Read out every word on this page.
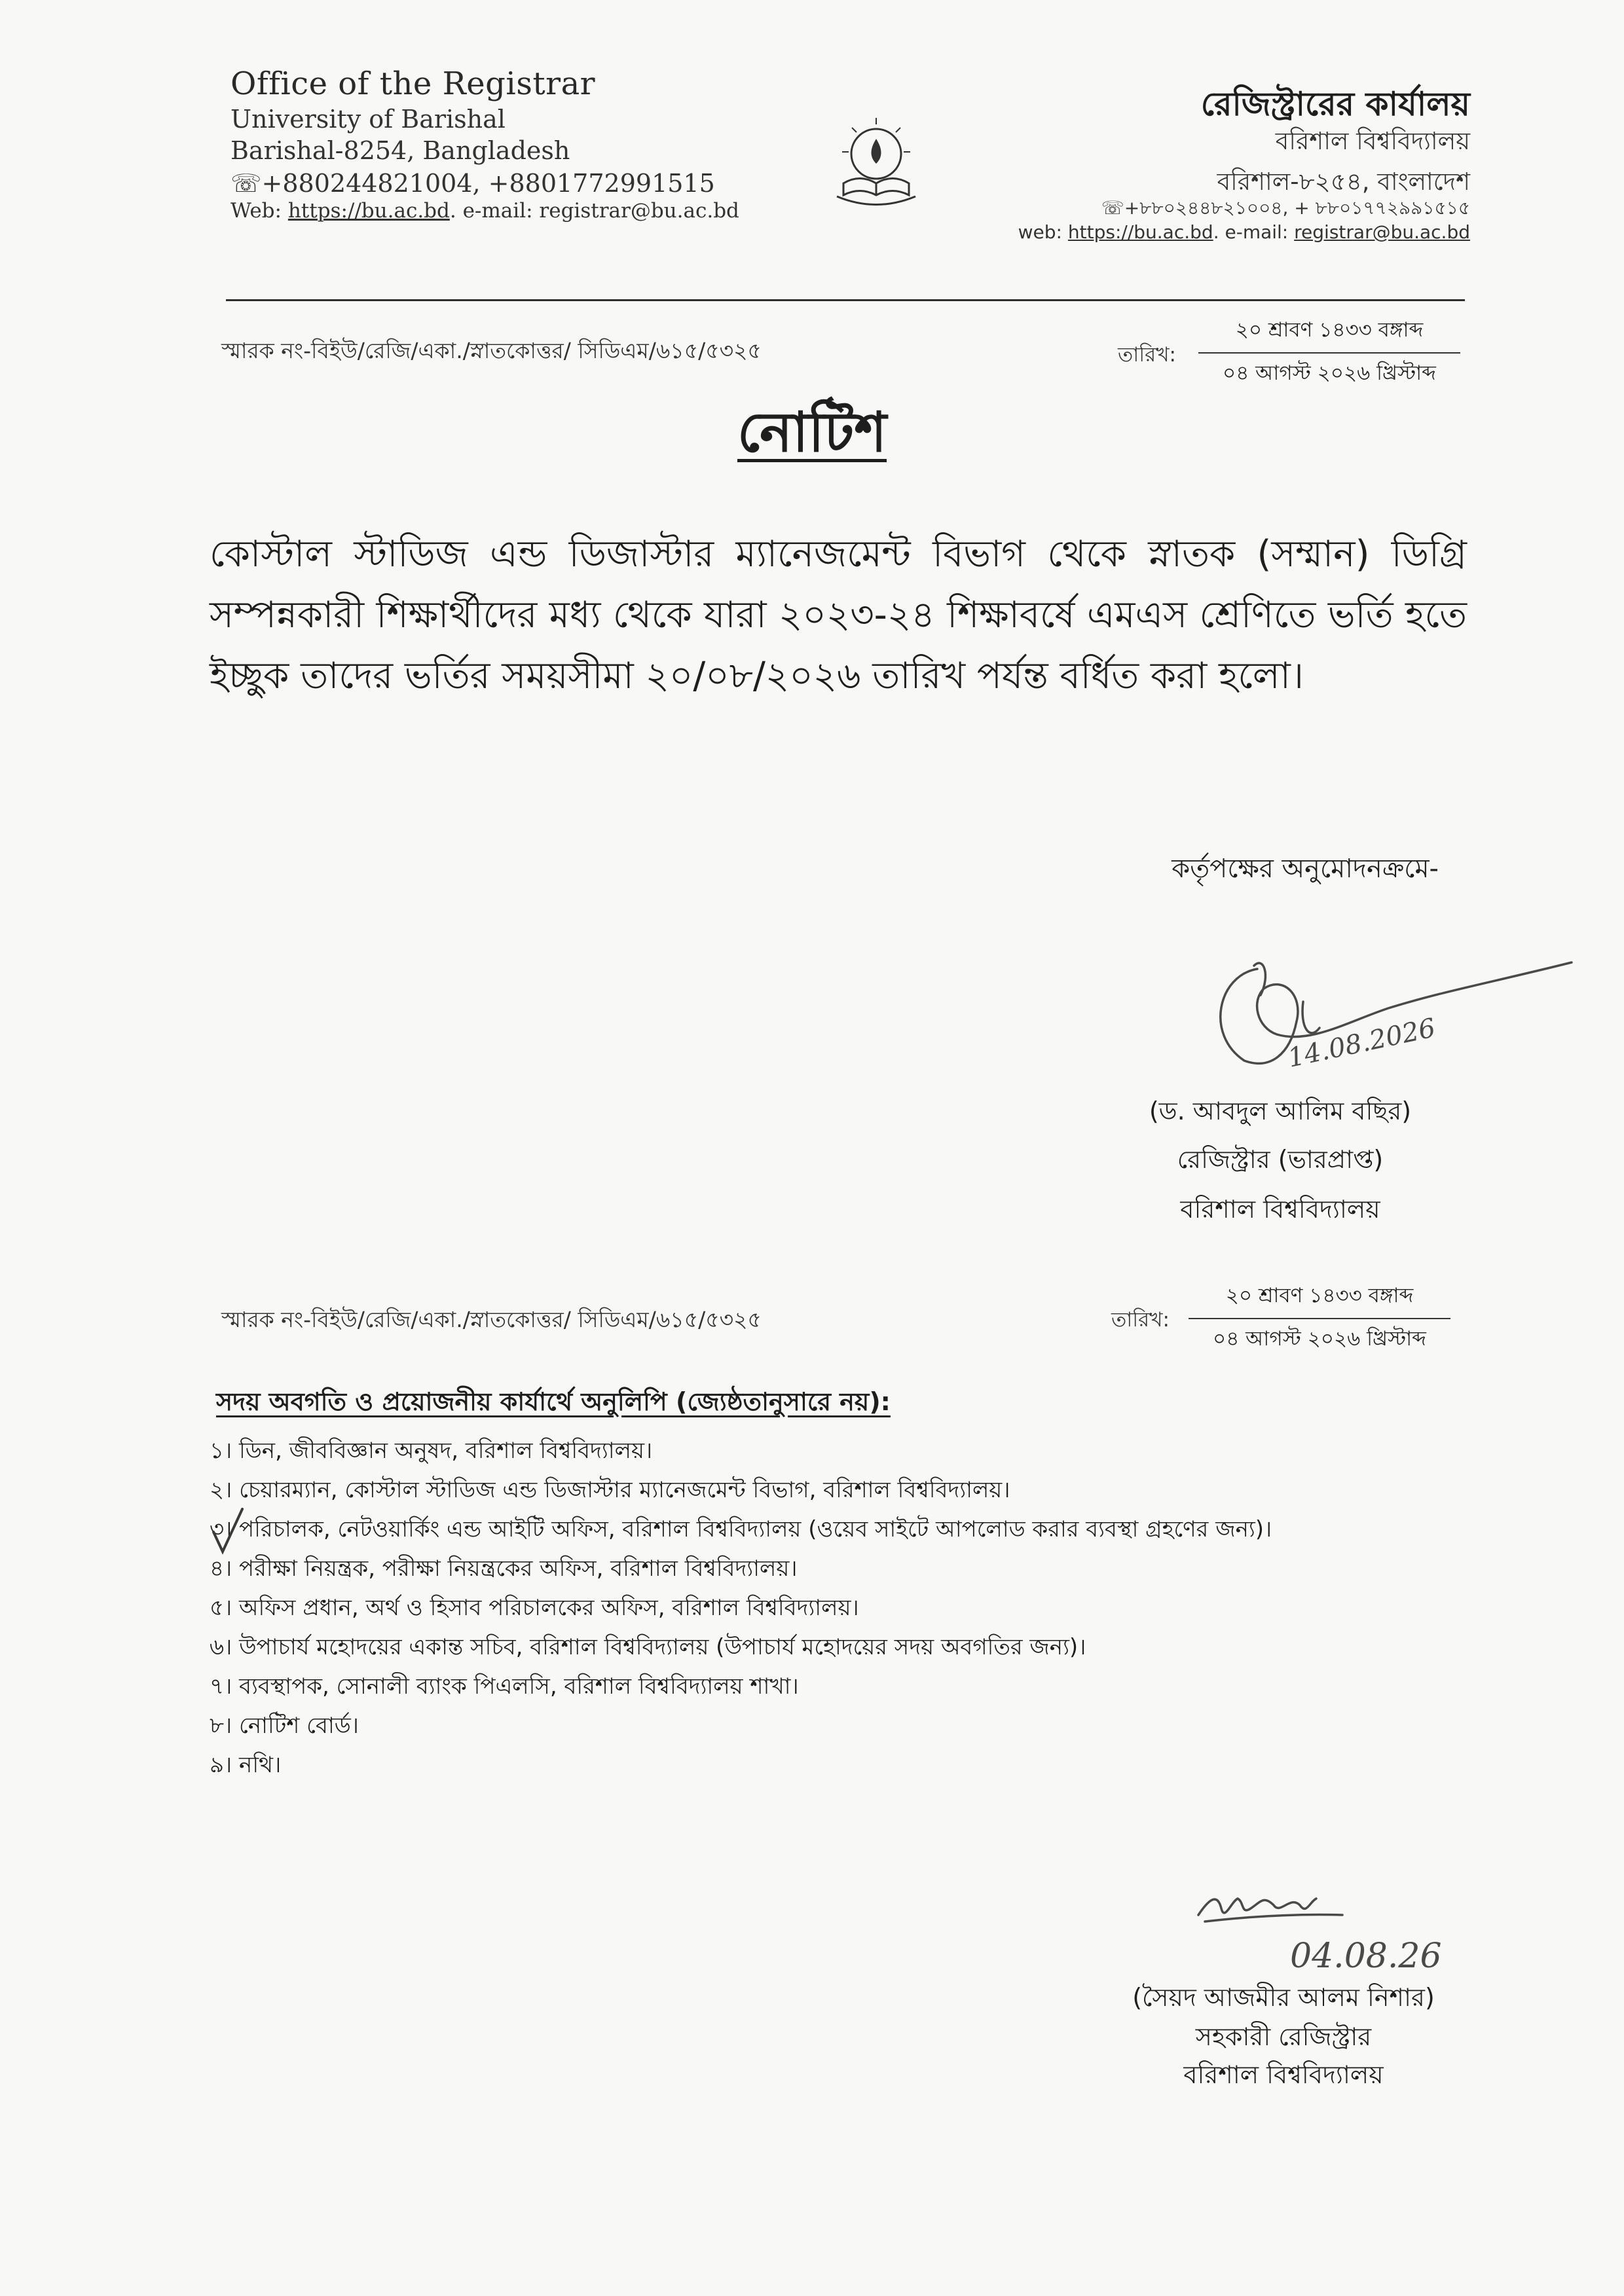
Office of the Registrar
University of Barishal
Barishal-8254, Bangladesh
☏+880244821004, +8801772991515
Web: https://bu.ac.bd. e-mail: registrar@bu.ac.bd
রেজিস্ট্রারের কার্যালয়
বরিশাল বিশ্ববিদ্যালয়
বরিশাল-৮২৫৪, বাংলাদেশ
☏+৮৮০২৪৪৮২১০০৪, + ৮৮০১৭৭২৯৯১৫১৫
web: https://bu.ac.bd. e-mail: registrar@bu.ac.bd
স্মারক নং-বিইউ/রেজি/একা./স্নাতকোত্তর/ সিডিএম/৬১৫/৫৩২৫	তারিখ:
২০ শ্রাবণ ১৪৩৩ বঙ্গাব্দ
০৪ আগস্ট ২০২৬ খ্রিস্টাব্দ
নোটিশ
কোস্টাল স্টাডিজ এন্ড ডিজাস্টার ম্যানেজমেন্ট বিভাগ থেকে স্নাতক (সম্মান) ডিগ্রি সম্পন্নকারী শিক্ষার্থীদের মধ্য থেকে যারা ২০২৩-২৪ শিক্ষাবর্ষে এমএস শ্রেণিতে ভর্তি হতে ইচ্ছুক তাদের ভর্তির সময়সীমা ২০/০৮/২০২৬ তারিখ পর্যন্ত বর্ধিত করা হলো।
কর্তৃপক্ষের অনুমোদনক্রমে-
14.08.2026
(ড. আবদুল আলিম বছির)
রেজিস্ট্রার (ভারপ্রাপ্ত)
বরিশাল বিশ্ববিদ্যালয়
স্মারক নং-বিইউ/রেজি/একা./স্নাতকোত্তর/ সিডিএম/৬১৫/৫৩২৫	তারিখ:
২০ শ্রাবণ ১৪৩৩ বঙ্গাব্দ
০৪ আগস্ট ২০২৬ খ্রিস্টাব্দ
সদয় অবগতি ও প্রয়োজনীয় কার্যার্থে অনুলিপি (জ্যেষ্ঠতানুসারে নয়):
১। ডিন, জীববিজ্ঞান অনুষদ, বরিশাল বিশ্ববিদ্যালয়।
২। চেয়ারম্যান, কোস্টাল স্টাডিজ এন্ড ডিজাস্টার ম্যানেজমেন্ট বিভাগ, বরিশাল বিশ্ববিদ্যালয়।
৩। পরিচালক, নেটওয়ার্কিং এন্ড আইটি অফিস, বরিশাল বিশ্ববিদ্যালয় (ওয়েব সাইটে আপলোড করার ব্যবস্থা গ্রহণের জন্য)।
৪। পরীক্ষা নিয়ন্ত্রক, পরীক্ষা নিয়ন্ত্রকের অফিস, বরিশাল বিশ্ববিদ্যালয়।
৫। অফিস প্রধান, অর্থ ও হিসাব পরিচালকের অফিস, বরিশাল বিশ্ববিদ্যালয়।
৬। উপাচার্য মহোদয়ের একান্ত সচিব, বরিশাল বিশ্ববিদ্যালয় (উপাচার্য মহোদয়ের সদয় অবগতির জন্য)।
৭। ব্যবস্থাপক, সোনালী ব্যাংক পিএলসি, বরিশাল বিশ্ববিদ্যালয় শাখা।
৮। নোটিশ বোর্ড।
৯। নথি।
04.08.26
(সৈয়দ আজমীর আলম নিশার)
সহকারী রেজিস্ট্রার
বরিশাল বিশ্ববিদ্যালয়
